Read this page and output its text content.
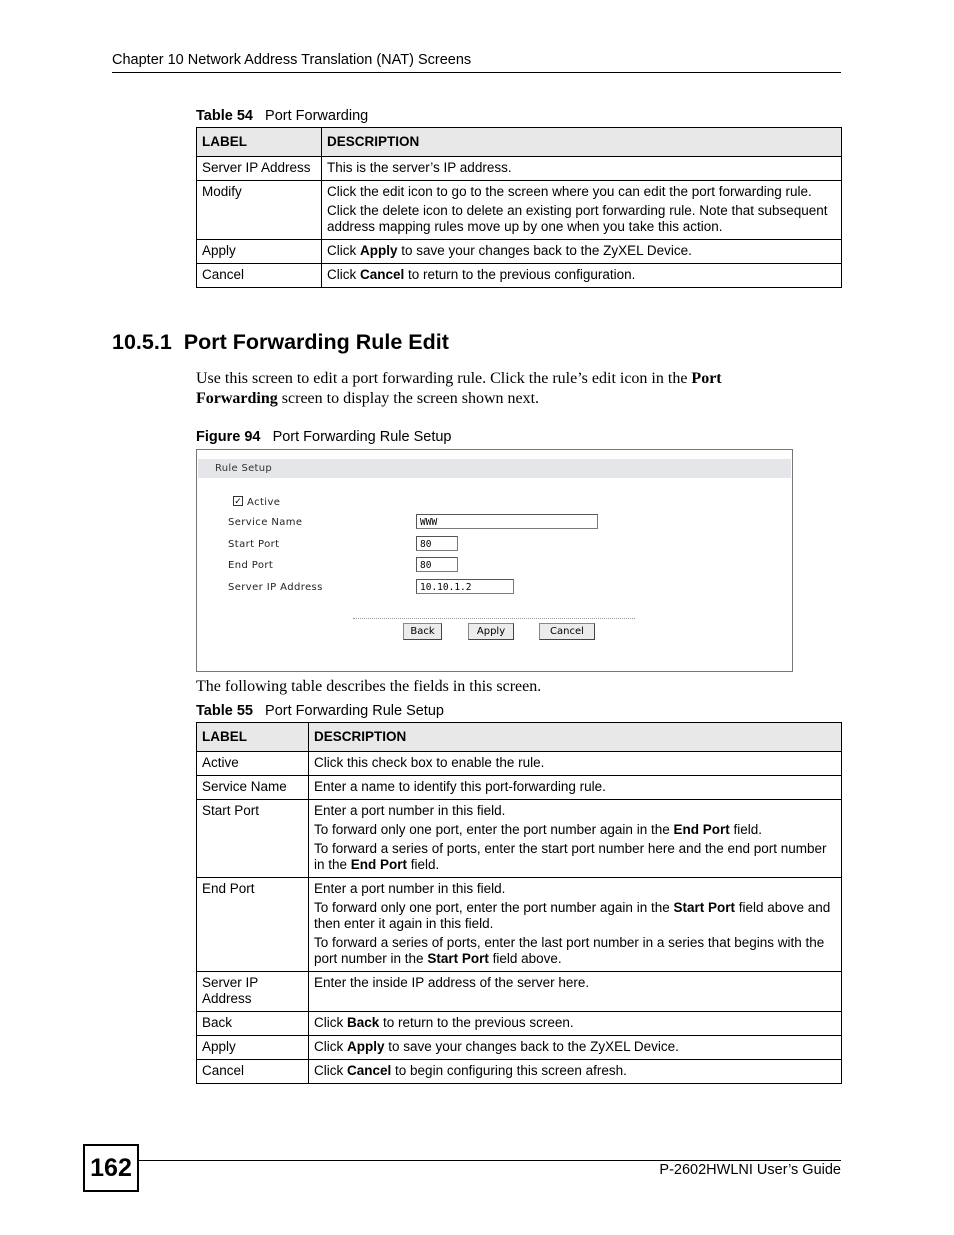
Chapter 10 Network Address Translation (NAT) Screens
Table 54 Port Forwarding
LABEL	DESCRIPTION
Server IP Address	This is the server’s IP address.

Modify	Click the edit icon to go to the screen where you can edit the port forwarding rule.

Click the delete icon to delete an existing port forwarding rule. Note that subsequent address mapping rules move up by one when you take this action.

Apply	Click Apply to save your changes back to the ZyXEL Device.

Cancel	Click Cancel to return to the previous configuration.

10.5.1 Port Forwarding Rule Edit
Use this screen to edit a port forwarding rule. Click the rule’s edit icon in the Port Forwarding screen to display the screen shown next.
Figure 94 Port Forwarding Rule Setup
Rule Setup
✓ Active
Service Name	WWW
Start Port	80
End Port	80
Server IP Address	10.10.1.2
Back	Apply	Cancel
The following table describes the fields in this screen.
Table 55 Port Forwarding Rule Setup
LABEL	DESCRIPTION
Active	Click this check box to enable the rule.

Service Name	Enter a name to identify this port-forwarding rule.

Start Port	Enter a port number in this field.

To forward only one port, enter the port number again in the End Port field.

To forward a series of ports, enter the start port number here and the end port number in the End Port field.

End Port	Enter a port number in this field.

To forward only one port, enter the port number again in the Start Port field above and then enter it again in this field.

To forward a series of ports, enter the last port number in a series that begins with the port number in the Start Port field above.

Server IP Address	Enter the inside IP address of the server here.

Back	Click Back to return to the previous screen.

Apply	Click Apply to save your changes back to the ZyXEL Device.

Cancel	Click Cancel to begin configuring this screen afresh.

162	P-2602HWLNI User’s Guide
